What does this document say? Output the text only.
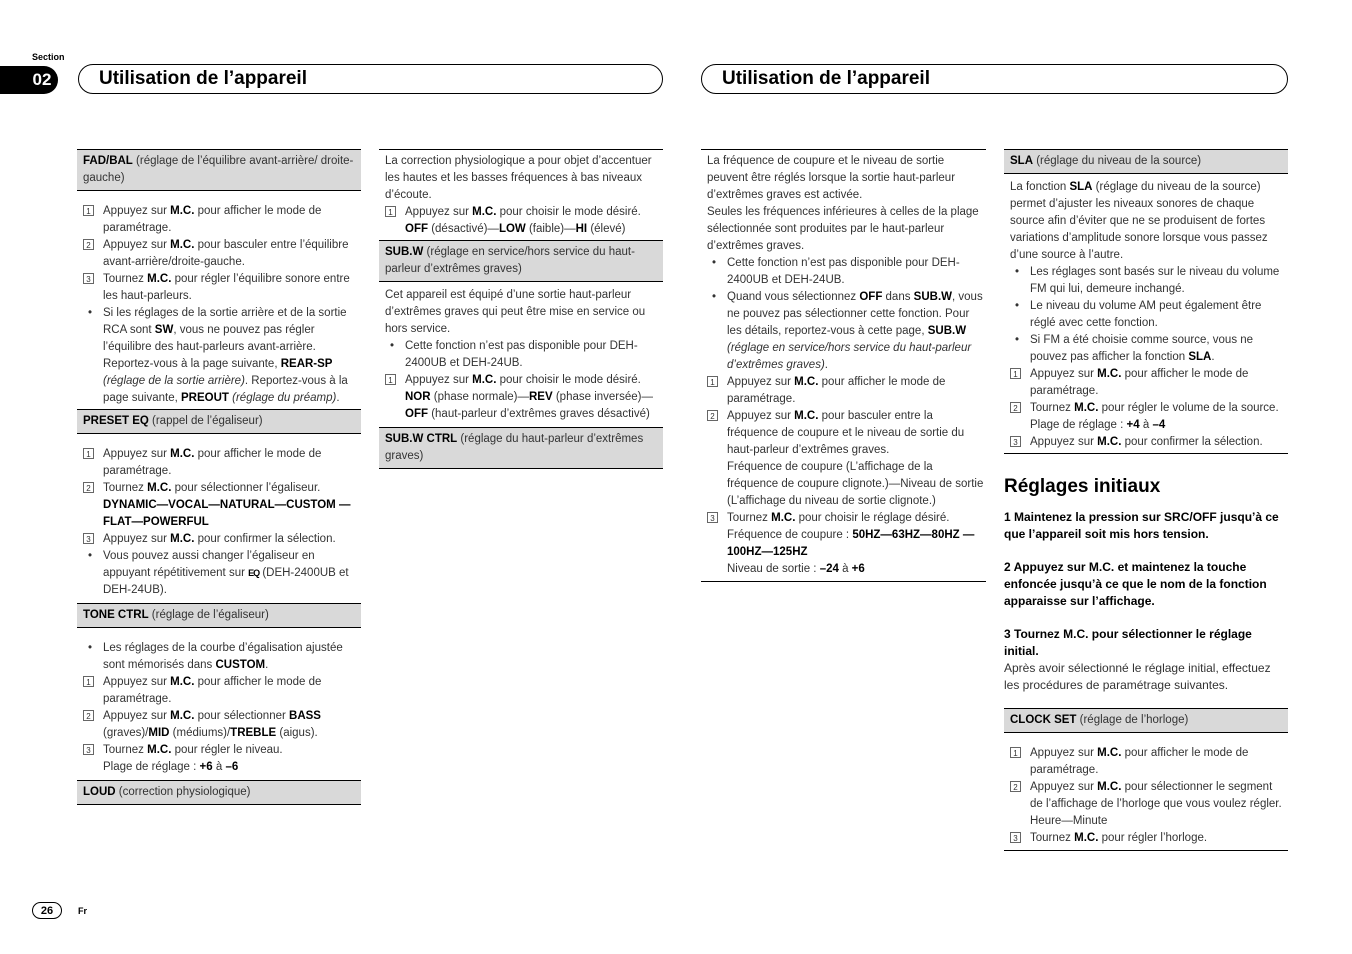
Section
02	Utilisation de l’appareil	Utilisation de l’appareil
FAD/BAL (réglage de l’équilibre avant-arrière/ droite-gauche)
1 Appuyez sur M.C. pour afficher le mode de paramétrage.
2 Appuyez sur M.C. pour basculer entre l’équilibre avant-arrière/droite-gauche.
3 Tournez M.C. pour régler l’équilibre sonore entre les haut-parleurs.
• Si les réglages de la sortie arrière et de la sortie RCA sont SW, vous ne pouvez pas régler l’équilibre des haut-parleurs avant-arrière. Reportez-vous à la page suivante, REAR-SP (réglage de la sortie arrière). Reportez-vous à la page suivante, PREOUT (réglage du préamp).
PRESET EQ (rappel de l’égaliseur)
1 Appuyez sur M.C. pour afficher le mode de paramétrage.
2 Tournez M.C. pour sélectionner l’égaliseur.
DYNAMIC—VOCAL—NATURAL—CUSTOM —FLAT—POWERFUL
3 Appuyez sur M.C. pour confirmer la sélection.
• Vous pouvez aussi changer l’égaliseur en appuyant répétitivement sur EQ (DEH-2400UB et DEH-24UB).
TONE CTRL (réglage de l’égaliseur)
• Les réglages de la courbe d’égalisation ajustée sont mémorisés dans CUSTOM.
1 Appuyez sur M.C. pour afficher le mode de paramétrage.
2 Appuyez sur M.C. pour sélectionner BASS (graves)/MID (médiums)/TREBLE (aigus).
3 Tournez M.C. pour régler le niveau.
Plage de réglage : +6 à –6
LOUD (correction physiologique)
La correction physiologique a pour objet d’accentuer les hautes et les basses fréquences à bas niveaux d’écoute.
1 Appuyez sur M.C. pour choisir le mode désiré.
OFF (désactivé)—LOW (faible)—HI (élevé)
SUB.W (réglage en service/hors service du haut-parleur d’extrêmes graves)
Cet appareil est équipé d’une sortie haut-parleur d’extrêmes graves qui peut être mise en service ou hors service.
• Cette fonction n’est pas disponible pour DEH-2400UB et DEH-24UB.
1 Appuyez sur M.C. pour choisir le mode désiré.
NOR (phase normale)—REV (phase inversée)—OFF (haut-parleur d’extrêmes graves désactivé)
SUB.W CTRL (réglage du haut-parleur d’extrêmes graves)
La fréquence de coupure et le niveau de sortie peuvent être réglés lorsque la sortie haut-parleur d’extrêmes graves est activée.
Seules les fréquences inférieures à celles de la plage sélectionnée sont produites par le haut-parleur d’extrêmes graves.
• Cette fonction n’est pas disponible pour DEH-2400UB et DEH-24UB.
• Quand vous sélectionnez OFF dans SUB.W, vous ne pouvez pas sélectionner cette fonction. Pour les détails, reportez-vous à cette page, SUB.W (réglage en service/hors service du haut-parleur d’extrêmes graves).
1 Appuyez sur M.C. pour afficher le mode de paramétrage.
2 Appuyez sur M.C. pour basculer entre la fréquence de coupure et le niveau de sortie du haut-parleur d’extrêmes graves.
Fréquence de coupure (L’affichage de la fréquence de coupure clignote.)—Niveau de sortie (L’affichage du niveau de sortie clignote.)
3 Tournez M.C. pour choisir le réglage désiré.
Fréquence de coupure : 50HZ—63HZ—80HZ —100HZ—125HZ
Niveau de sortie : –24 à +6
SLA (réglage du niveau de la source)
La fonction SLA (réglage du niveau de la source) permet d’ajuster les niveaux sonores de chaque source afin d’éviter que ne se produisent de fortes variations d’amplitude sonore lorsque vous passez d’une source à l’autre.
• Les réglages sont basés sur le niveau du volume FM qui lui, demeure inchangé.
• Le niveau du volume AM peut également être réglé avec cette fonction.
• Si FM a été choisie comme source, vous ne pouvez pas afficher la fonction SLA.
1 Appuyez sur M.C. pour afficher le mode de paramétrage.
2 Tournez M.C. pour régler le volume de la source.
Plage de réglage : +4 à –4
3 Appuyez sur M.C. pour confirmer la sélection.
Réglages initiaux
1 Maintenez la pression sur SRC/OFF jusqu’à ce que l’appareil soit mis hors tension.
2 Appuyez sur M.C. et maintenez la touche enfoncée jusqu’à ce que le nom de la fonction apparaisse sur l’affichage.
3 Tournez M.C. pour sélectionner le réglage initial.
Après avoir sélectionné le réglage initial, effectuez les procédures de paramétrage suivantes.
CLOCK SET (réglage de l’horloge)
1 Appuyez sur M.C. pour afficher le mode de paramétrage.
2 Appuyez sur M.C. pour sélectionner le segment de l’affichage de l’horloge que vous voulez régler.
Heure—Minute
3 Tournez M.C. pour régler l’horloge.
26	Fr
